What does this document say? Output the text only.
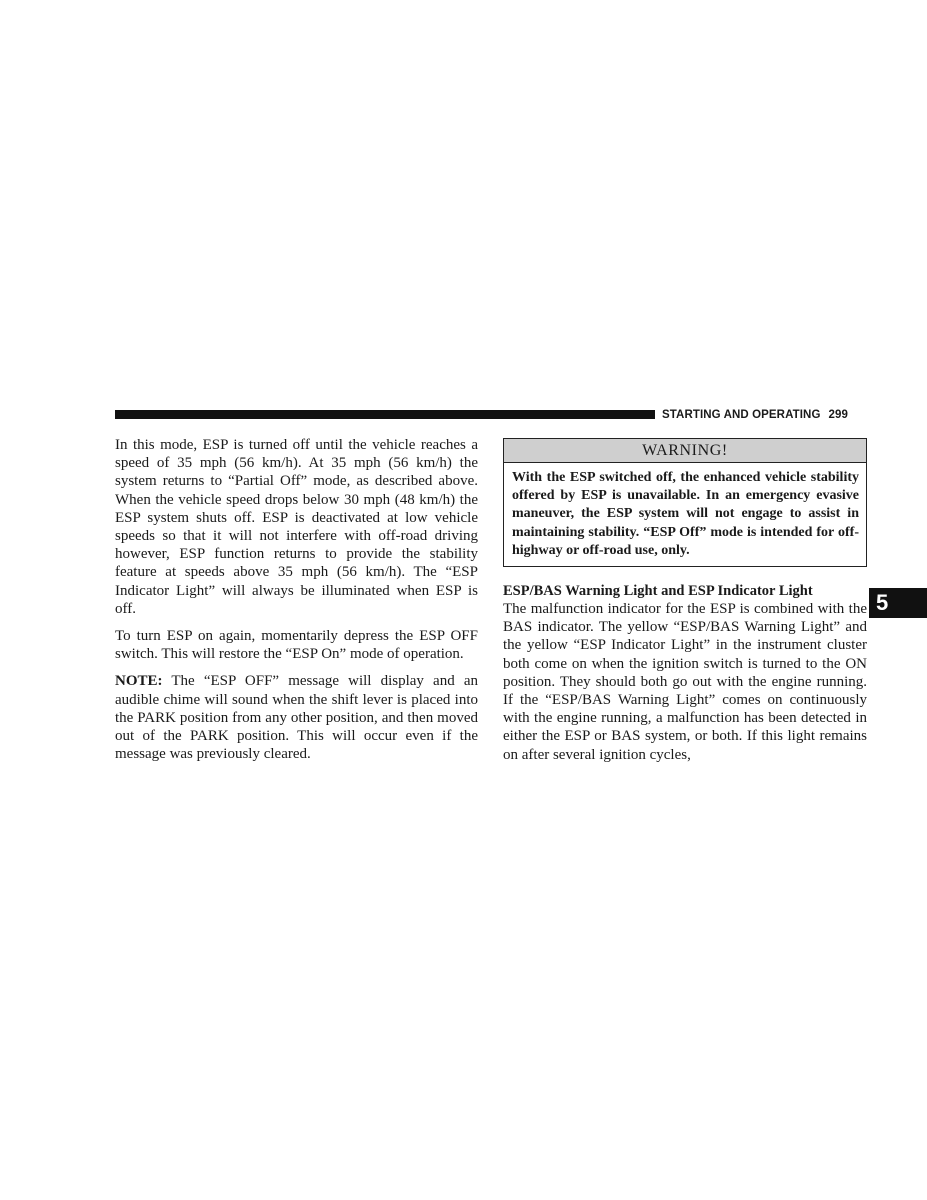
STARTING AND OPERATING 299

In this mode, ESP is turned off until the vehicle reaches a speed of 35 mph (56 km/h). At 35 mph (56 km/h) the system returns to “Partial Off” mode, as described above. When the vehicle speed drops below 30 mph (48 km/h) the ESP system shuts off. ESP is deactivated at low vehicle speeds so that it will not interfere with off-road driving however, ESP function returns to provide the stability feature at speeds above 35 mph (56 km/h). The “ESP Indicator Light” will always be illuminated when ESP is off.

To turn ESP on again, momentarily depress the ESP OFF switch. This will restore the “ESP On” mode of operation.

NOTE: The “ESP OFF” message will display and an audible chime will sound when the shift lever is placed into the PARK position from any other position, and then moved out of the PARK position. This will occur even if the message was previously cleared.

WARNING!
With the ESP switched off, the enhanced vehicle stability offered by ESP is unavailable. In an emergency evasive maneuver, the ESP system will not engage to assist in maintaining stability. “ESP Off” mode is intended for off-highway or off-road use, only.
ESP/BAS Warning Light and ESP Indicator Light

The malfunction indicator for the ESP is combined with the BAS indicator. The yellow “ESP/BAS Warning Light” and the yellow “ESP Indicator Light” in the instrument cluster both come on when the ignition switch is turned to the ON position. They should both go out with the engine running. If the “ESP/BAS Warning Light” comes on continuously with the engine running, a malfunction has been detected in either the ESP or BAS system, or both. If this light remains on after several ignition cycles,

5
